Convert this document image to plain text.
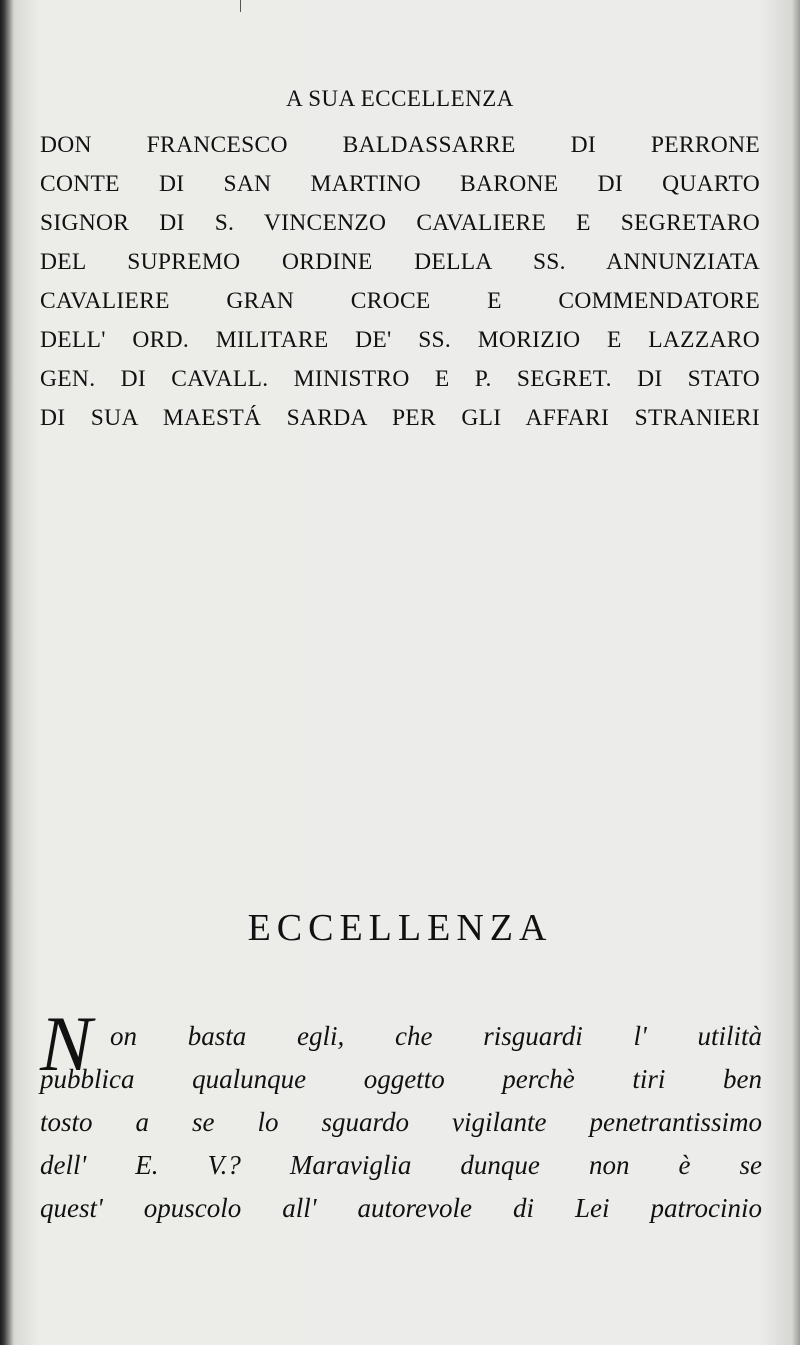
A SUA ECCELLENZA

DON FRANCESCO BALDASSARRE DI PERRONE

CONTE DI SAN MARTINO BARONE DI QUARTO

SIGNOR DI S. VINCENZO CAVALIERE E SEGRETARO

DEL SUPREMO ORDINE DELLA SS. ANNUNZIATA

CAVALIERE GRAN CROCE E COMMENDATORE

DELL' ORD. MILITARE DE' SS. MORIZIO E LAZZARO

GEN. DI CAVALL. MINISTRO E P. SEGRET. DI STATO

DI SUA MAESTÁ SARDA PER GLI AFFARI STRANIERI

ECCELLENZA

N on basta egli, che risguardi l' utilità

pubblica qualunque oggetto perchè tiri ben

tosto a se lo sguardo vigilante penetrantissimo

dell' E. V.? Maraviglia dunque non è se

quest' opuscolo all' autorevole di Lei patrocinio
